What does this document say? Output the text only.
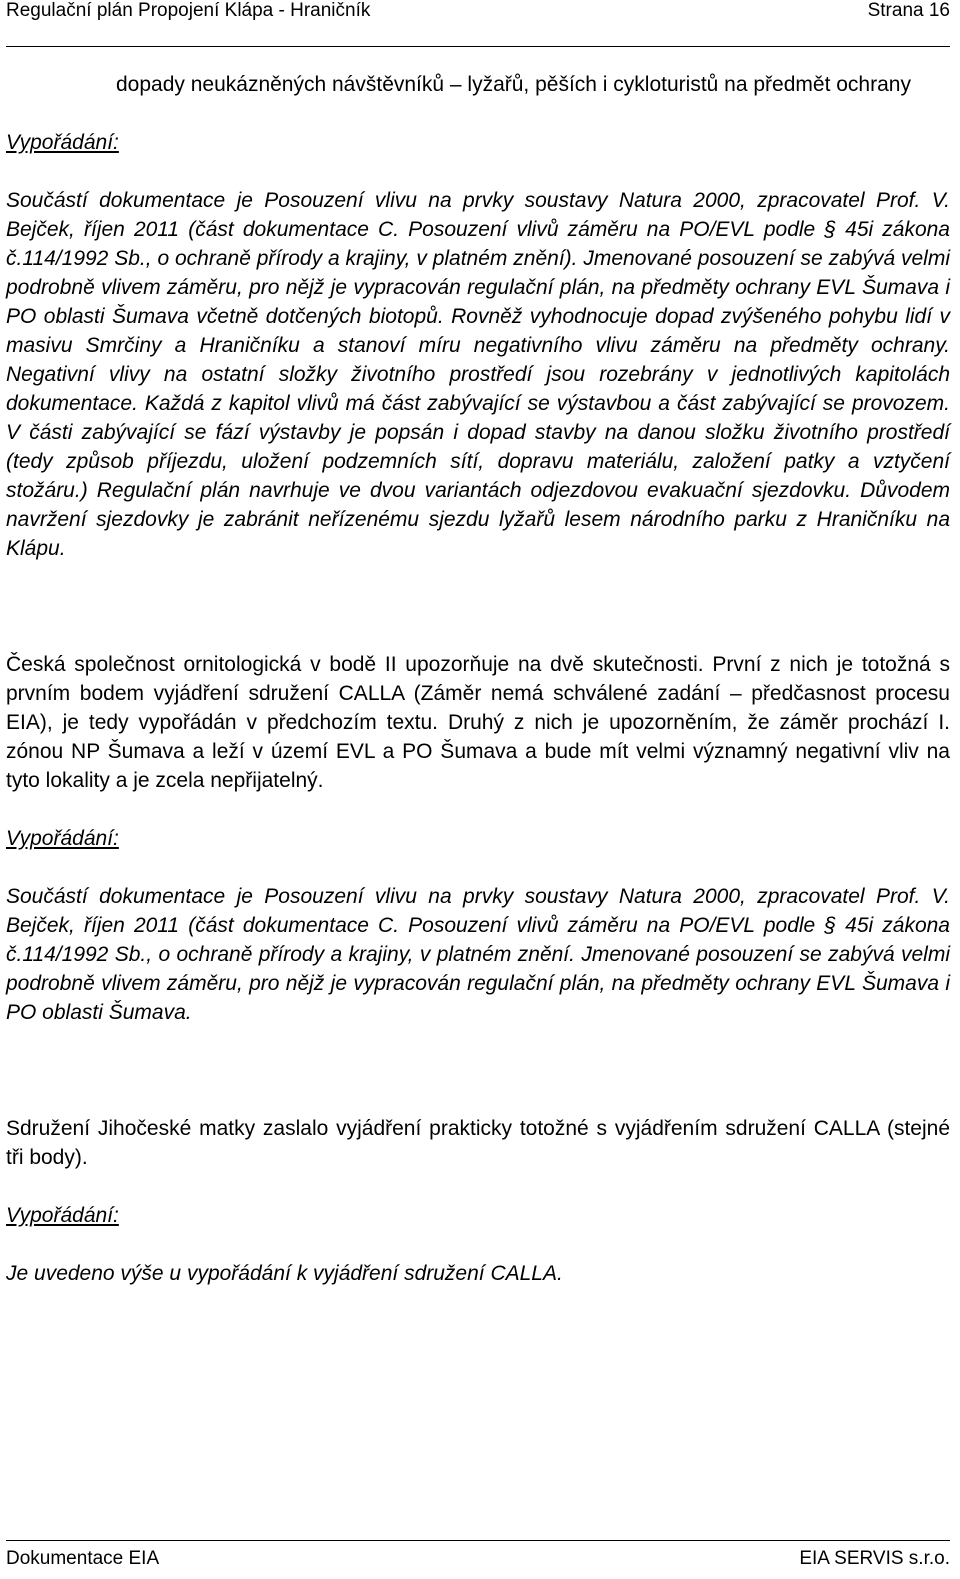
Regulační plán Propojení Klápa - Hraničník	Strana 16

dopady neukázněných návštěvníků – lyžařů, pěších i cykloturistů na předmět ochrany

Vypořádání:

Součástí dokumentace je Posouzení vlivu na prvky soustavy Natura 2000, zpracovatel Prof. V. Bejček, říjen 2011 (část dokumentace C. Posouzení vlivů záměru na PO/EVL podle § 45i zákona č.114/1992 Sb., o ochraně přírody a krajiny, v platném znění). Jmenované posouzení se zabývá velmi podrobně vlivem záměru, pro nějž je vypracován regulační plán, na předměty ochrany EVL Šumava i PO oblasti Šumava včetně dotčených biotopů. Rovněž vyhodnocuje dopad zvýšeného pohybu lidí v masivu Smrčiny a Hraničníku a stanoví míru negativního vlivu záměru na předměty ochrany. Negativní vlivy na ostatní složky životního prostředí jsou rozebrány v jednotlivých kapitolách dokumentace. Každá z kapitol vlivů má část zabývající se výstavbou a část zabývající se provozem. V části zabývající se fází výstavby je popsán i dopad stavby na danou složku životního prostředí (tedy způsob příjezdu, uložení podzemních sítí, dopravu materiálu, založení patky a vztyčení stožáru.) Regulační plán navrhuje ve dvou variantách odjezdovou evakuační sjezdovku. Důvodem navržení sjezdovky je zabránit neřízenému sjezdu lyžařů lesem národního parku z Hraničníku na Klápu.

Česká společnost ornitologická v bodě II upozorňuje na dvě skutečnosti. První z nich je totožná s prvním bodem vyjádření sdružení CALLA (Záměr nemá schválené zadání – předčasnost procesu EIA), je tedy vypořádán v předchozím textu. Druhý z nich je upozorněním, že záměr prochází I. zónou NP Šumava a leží v území EVL a PO Šumava a bude mít velmi významný negativní vliv na tyto lokality a je zcela nepřijatelný.

Vypořádání:

Součástí dokumentace je Posouzení vlivu na prvky soustavy Natura 2000, zpracovatel Prof. V. Bejček, říjen 2011 (část dokumentace C. Posouzení vlivů záměru na PO/EVL podle § 45i zákona č.114/1992 Sb., o ochraně přírody a krajiny, v platném znění. Jmenované posouzení se zabývá velmi podrobně vlivem záměru, pro nějž je vypracován regulační plán, na předměty ochrany EVL Šumava i PO oblasti Šumava.

Sdružení Jihočeské matky zaslalo vyjádření prakticky totožné s vyjádřením sdružení CALLA (stejné tři body).

Vypořádání:

Je uvedeno výše u vypořádání k vyjádření sdružení CALLA.

Dokumentace EIA	EIA SERVIS s.r.o.
